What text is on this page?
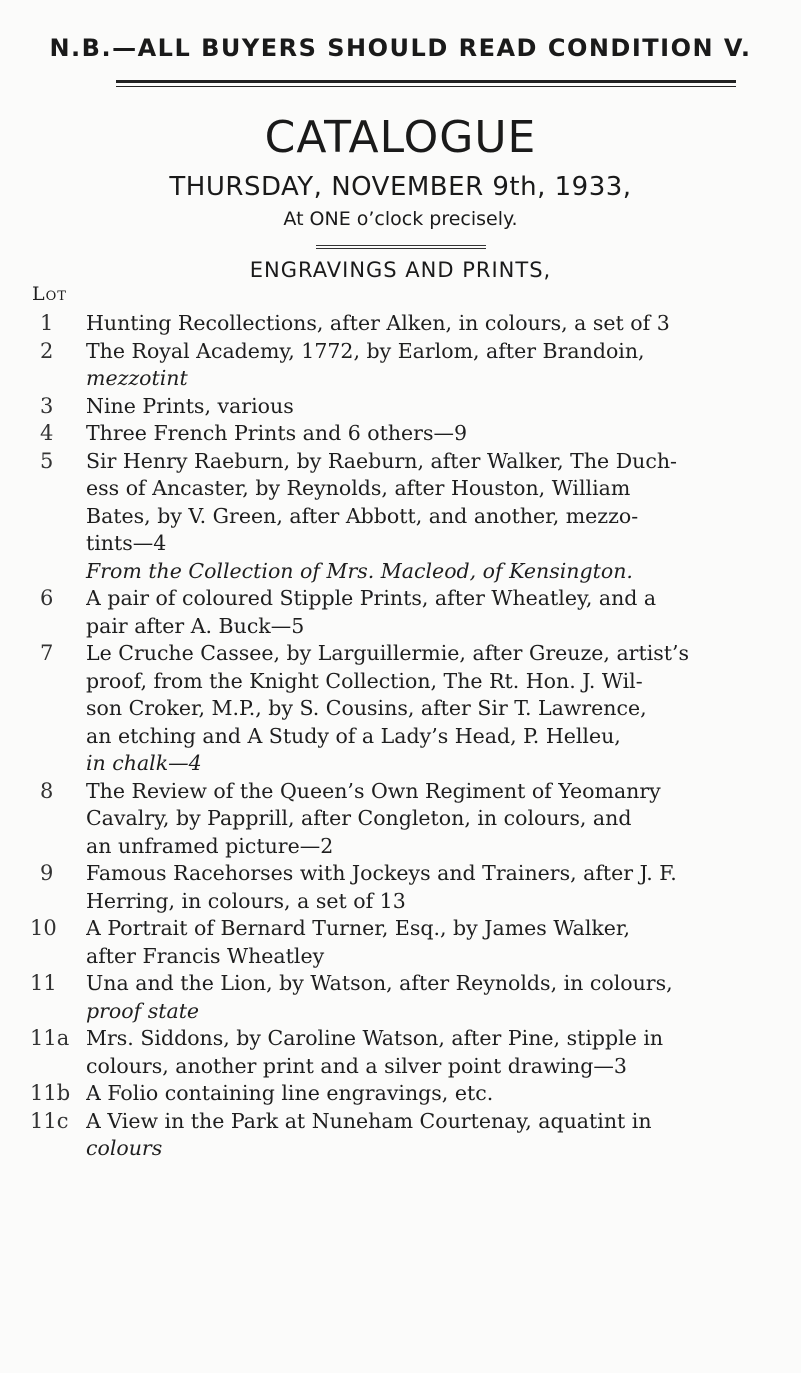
N.B.—ALL BUYERS SHOULD READ CONDITION V.
CATALOGUE
THURSDAY, NOVEMBER 9th, 1933,
At ONE o’clock precisely.
ENGRAVINGS AND PRINTS,
Lot
1	Hunting Recollections, after Alken, in colours, a set of 3
2	The Royal Academy, 1772, by Earlom, after Brandoin,
mezzotint
3	Nine Prints, various
4	Three French Prints and 6 others—9
5	Sir Henry Raeburn, by Raeburn, after Walker, The Duch-
ess of Ancaster, by Reynolds, after Houston, William
Bates, by V. Green, after Abbott, and another, mezzo-
tints—4
From the Collection of Mrs. Macleod, of Kensington.
6	A pair of coloured Stipple Prints, after Wheatley, and a
pair after A. Buck—5
7	Le Cruche Cassee, by Larguillermie, after Greuze, artist’s
proof, from the Knight Collection, The Rt. Hon. J. Wil-
son Croker, M.P., by S. Cousins, after Sir T. Lawrence,
an etching and A Study of a Lady’s Head, P. Helleu,
in chalk—4
8	The Review of the Queen’s Own Regiment of Yeomanry
Cavalry, by Papprill, after Congleton, in colours, and
an unframed picture—2
9	Famous Racehorses with Jockeys and Trainers, after J. F.
Herring, in colours, a set of 13
10	A Portrait of Bernard Turner, Esq., by James Walker,
after Francis Wheatley
11	Una and the Lion, by Watson, after Reynolds, in colours,
proof state
11a Mrs. Siddons, by Caroline Watson, after Pine, stipple in
colours, another print and a silver point drawing—3
11b A Folio containing line engravings, etc.
11c A View in the Park at Nuneham Courtenay, aquatint in
colours
